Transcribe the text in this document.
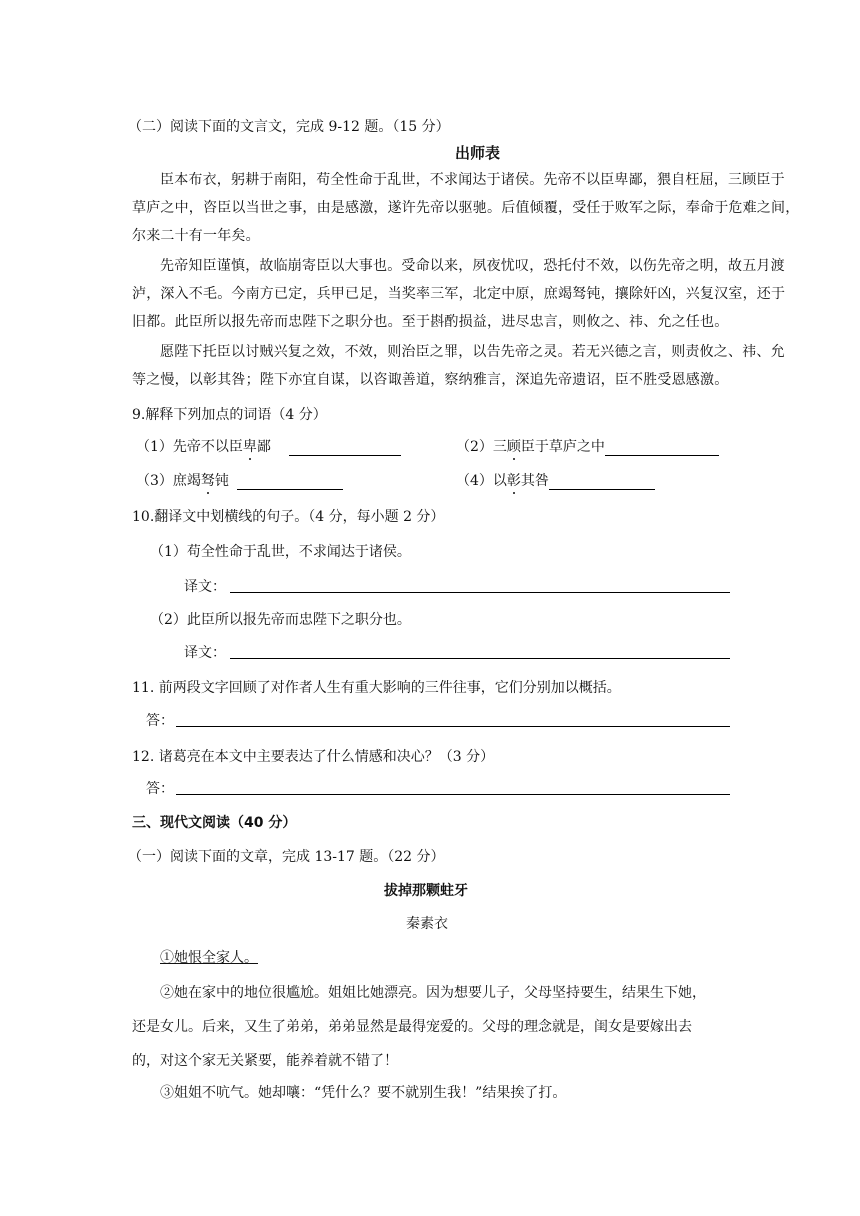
（二）阅读下面的文言文，完成 9-12 题。（15 分）
出师表
臣本布衣，躬耕于南阳，苟全性命于乱世，不求闻达于诸侯。先帝不以臣卑鄙，猥自枉屈，三顾臣于
草庐之中，咨臣以当世之事，由是感激，遂许先帝以驱驰。后值倾覆，受任于败军之际，奉命于危难之间，
尔来二十有一年矣。
先帝知臣谨慎，故临崩寄臣以大事也。受命以来，夙夜忧叹，恐托付不效，以伤先帝之明，故五月渡
泸，深入不毛。今南方已定，兵甲已足，当奖率三军，北定中原，庶竭驽钝，攘除奸凶，兴复汉室，还于
旧都。此臣所以报先帝而忠陛下之职分也。至于斟酌损益，进尽忠言，则攸之、祎、允之任也。
愿陛下托臣以讨贼兴复之效，不效，则治臣之罪，以告先帝之灵。若无兴德之言，则责攸之、祎、允
等之慢，以彰其咎；陛下亦宜自谋，以咨诹善道，察纳雅言，深追先帝遗诏，臣不胜受恩感激。
9.解释下列加点的词语（4 分）
（1）先帝不以臣卑鄙	（2）三顾臣于草庐之中
（3）庶竭驽钝	（4）以彰其咎
10.翻译文中划横线的句子。（4 分，每小题 2 分）
（1）苟全性命于乱世，不求闻达于诸侯。
译文：
（2）此臣所以报先帝而忠陛下之职分也。
译文：
11. 前两段文字回顾了对作者人生有重大影响的三件往事，它们分别加以概括。
答：
12. 诸葛亮在本文中主要表达了什么情感和决心？（3 分）
答：
三、现代文阅读（40 分）
（一）阅读下面的文章，完成 13-17 题。（22 分）
拔掉那颗蛀牙
秦素衣
①她恨全家人。
②她在家中的地位很尴尬。姐姐比她漂亮。因为想要儿子，父母坚持要生，结果生下她，
还是女儿。后来，又生了弟弟，弟弟显然是最得宠爱的。父母的理念就是，闺女是要嫁出去
的，对这个家无关紧要，能养着就不错了！
③姐姐不吭气。她却嚷：“凭什么？要不就别生我！”结果挨了打。
